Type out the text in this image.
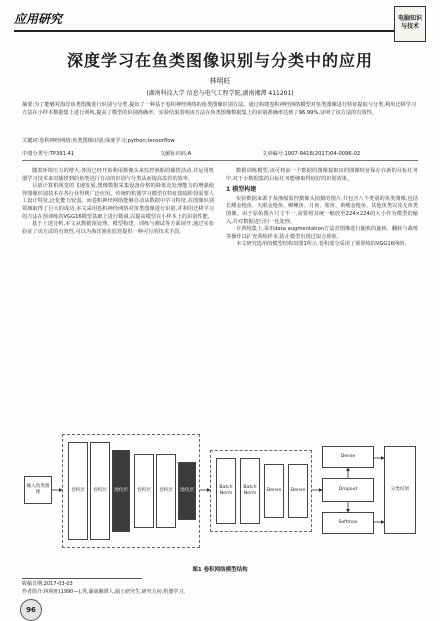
应用研究	电脑知识
与技术
深度学习在鱼类图像识别与分类中的应用
林明旺
(湖南科技大学 信息与电气工程学院,湖南湘潭 411201)
摘要:为了能够对海洋鱼类图像进行识别与分类,提出了一种基于卷积神经网络的鱼类图像识别方法。通过构建卷积神经网络模型对鱼类图像进行特征提取与分类,利用迁移学习方法在小样本数据集上进行训练,提高了模型的识别准确率。实验结果表明该方法在鱼类图像数据集上的识别准确率达到了96.99%,证明了该方法的有效性。
关键词:卷积神经网络;鱼类图像识别;深度学习;python;tensorflow
中图分类号:TP391.41	文献标识码:A	文章编号:1007-9416(2017)04-0096-02

随着环境压力的增大,各国已经开始利用摄像头来监控渔船的捕捞活动,并运用机器学习技术来对捕捞到的鱼类进行自动的识别与分类从而提高监管的效率。

目前计算机视觉的飞速发展,图像数据采集设备价格的降低及处理能力的增强使得图像识别技术在各行业得到广泛应用。传统的机器学习模型在特征提取阶段需要人工设计特征,泛化能力较弱。而卷积神经网络能够自动从数据中学习特征,在图像识别领域取得了巨大的成功,本文采用卷积神经网络对鱼类图像进行识别,并利用迁移学习的方法在预训练的VGG16模型基础上进行微调,以提高模型在小样本上的识别性能。

基于上述分析,本文从数据预处理、模型构建、训练与测试等方面展开,通过实验验证了该方法的有效性,可以为海洋渔业监管提供一种可行的技术手段。

数据训练模型,该可将前一个数据的图像提取出的图像特征保存在新的目标任务中,对于小数据集的目标任务能够取得较好的识别效果。

1 模型构建

实验数据来源于某渔船监控摄像头拍摄的图片,共包含八个类别的鱼类图像,包括长鳍金枪鱼、大眼金枪鱼、鲯鳅鱼、月鱼、鲨鱼、黄鳍金枪鱼、其他鱼类以及无鱼类图像。由于原始图片尺寸不一,需要将其统一缩放至224×224的大小作为模型的输入,并对数据进行归一化处理。

在训练集上,采用data augmentation方法对图像进行随机的旋转、翻转与裁剪等操作以扩充训练样本,防止模型出现过拟合现象。

本文研究选用的模型结构如图1所示,卷积部分采用了预训练的VGG16网络。

输入鱼类图像	卷积层	卷积层	池化层	卷积层	卷积层	池化层
Batch Norm
Batch Norm
Dense	Dense	Dropout
Dense
Softmax
分类结果
图1 卷积网络模型结构
收稿日期:2017-03-03
作者简介:林明旺(1990—),男,湖南湘潭人,硕士研究生,研究方向:机器学习。
96
